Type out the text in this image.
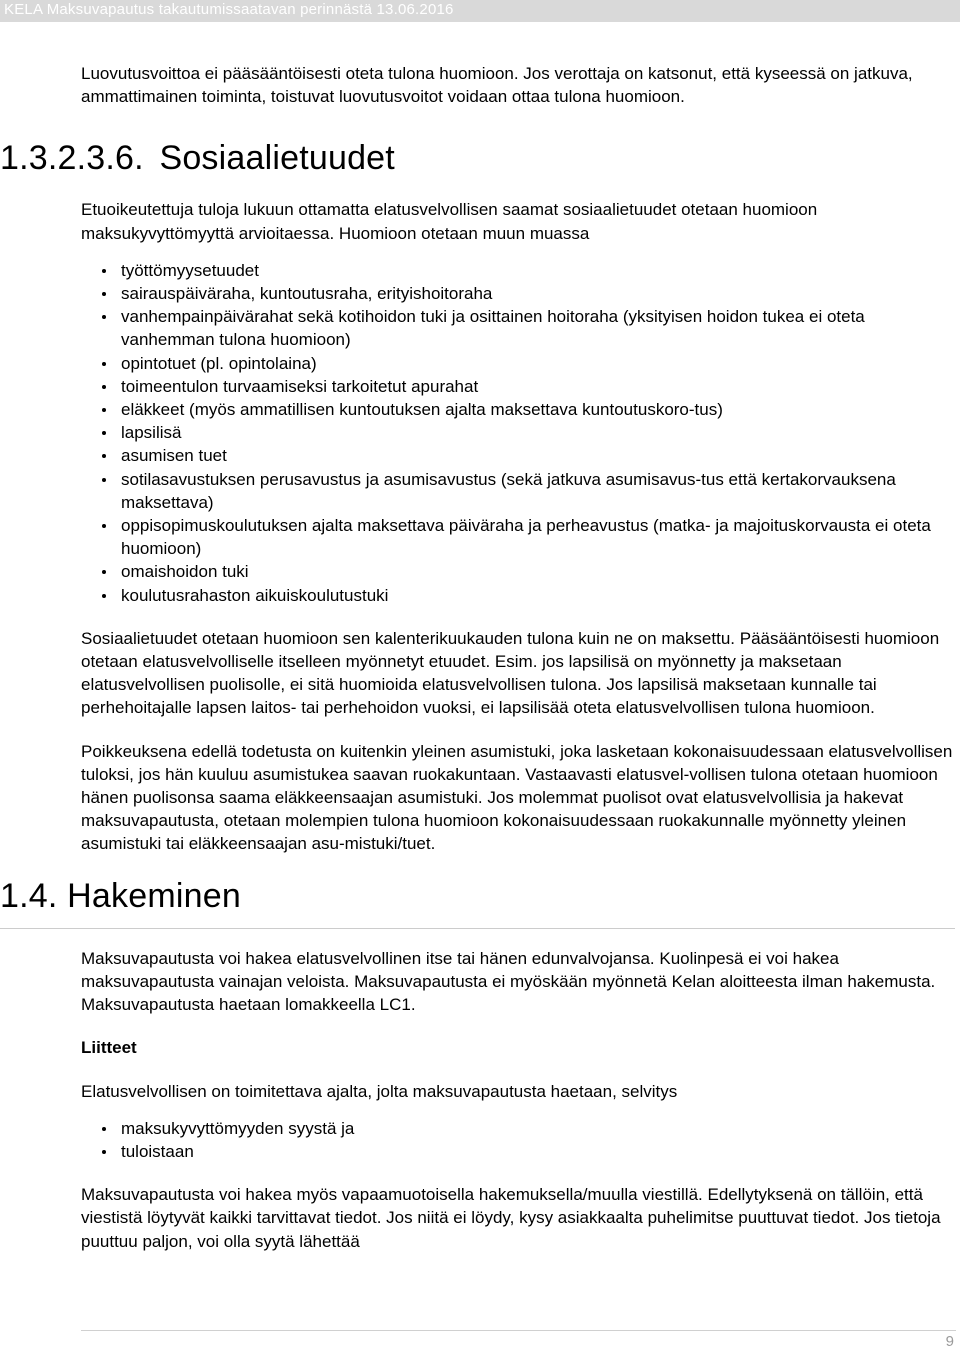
KELA Maksuvapautus takautumissaatavan perinnästä 13.06.2016

Luovutusvoittoa ei pääsääntöisesti oteta tulona huomioon. Jos verottaja on katsonut, että kyseessä on jatkuva, ammattimainen toiminta, toistuvat luovutusvoitot voidaan ottaa tulona huomioon.

1.3.2.3.6. Sosiaalietuudet

Etuoikeutettuja tuloja lukuun ottamatta elatusvelvollisen saamat sosiaalietuudet otetaan huomioon maksukyvyttömyyttä arvioitaessa. Huomioon otetaan muun muassa

työttömyysetuudet
sairauspäiväraha, kuntoutusraha, erityishoitoraha
vanhempainpäivärahat sekä kotihoidon tuki ja osittainen hoitoraha (yksityisen hoidon tukea ei oteta vanhemman tulona huomioon)
opintotuet (pl. opintolaina)
toimeentulon turvaamiseksi tarkoitetut apurahat
eläkkeet (myös ammatillisen kuntoutuksen ajalta maksettava kuntoutuskoro-tus)
lapsilisä
asumisen tuet
sotilasavustuksen perusavustus ja asumisavustus (sekä jatkuva asumisavus-tus että kertakorvauksena maksettava)
oppisopimuskoulutuksen ajalta maksettava päiväraha ja perheavustus (matka- ja majoituskorvausta ei oteta huomioon)
omaishoidon tuki
koulutusrahaston aikuiskoulutustuki

Sosiaalietuudet otetaan huomioon sen kalenterikuukauden tulona kuin ne on maksettu. Pääsääntöisesti huomioon otetaan elatusvelvolliselle itselleen myönnetyt etuudet. Esim. jos lapsilisä on myönnetty ja maksetaan elatusvelvollisen puolisolle, ei sitä huomioida elatusvelvollisen tulona. Jos lapsilisä maksetaan kunnalle tai perhehoitajalle lapsen laitos- tai perhehoidon vuoksi, ei lapsilisää oteta elatusvelvollisen tulona huomioon.

Poikkeuksena edellä todetusta on kuitenkin yleinen asumistuki, joka lasketaan kokonaisuudessaan elatusvelvollisen tuloksi, jos hän kuuluu asumistukea saavan ruokakuntaan. Vastaavasti elatusvel-vollisen tulona otetaan huomioon hänen puolisonsa saama eläkkeensaajan asumistuki. Jos molemmat puolisot ovat elatusvelvollisia ja hakevat maksuvapautusta, otetaan molempien tulona huomioon kokonaisuudessaan ruokakunnalle myönnetty yleinen asumistuki tai eläkkeensaajan asu-mistuki/tuet.

1.4. Hakeminen

Maksuvapautusta voi hakea elatusvelvollinen itse tai hänen edunvalvojansa. Kuolinpesä ei voi hakea maksuvapautusta vainajan veloista. Maksuvapautusta ei myöskään myönnetä Kelan aloitteesta ilman hakemusta. Maksuvapautusta haetaan lomakkeella LC1.

Liitteet

Elatusvelvollisen on toimitettava ajalta, jolta maksuvapautusta haetaan, selvitys

maksukyvyttömyyden syystä ja
tuloistaan

Maksuvapautusta voi hakea myös vapaamuotoisella hakemuksella/muulla viestillä. Edellytyksenä on tällöin, että viestistä löytyvät kaikki tarvittavat tiedot. Jos niitä ei löydy, kysy asiakkaalta puhelimitse puuttuvat tiedot. Jos tietoja puuttuu paljon, voi olla syytä lähettää

9
